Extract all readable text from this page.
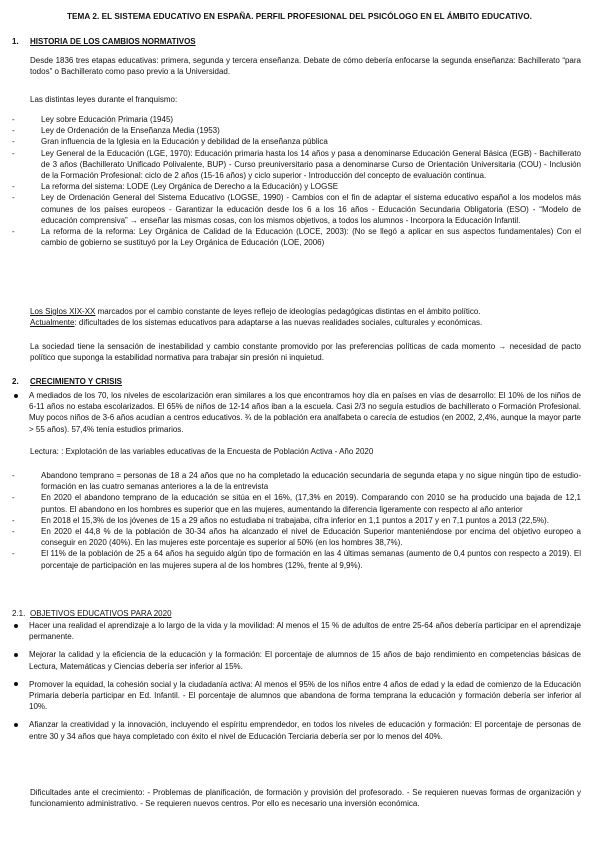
TEMA 2. EL SISTEMA EDUCATIVO EN ESPAÑA. PERFIL PROFESIONAL DEL PSICÓLOGO EN EL ÁMBITO EDUCATIVO.
1. HISTORIA DE LOS CAMBIOS NORMATIVOS
Desde 1836 tres etapas educativas: primera, segunda y tercera enseñanza. Debate de cómo debería enfocarse la segunda enseñanza: Bachillerato “para todos” o Bachillerato como paso previo a la Universidad.
Las distintas leyes durante el franquismo:
- Ley sobre Educación Primaria (1945)
- Ley de Ordenación de la Enseñanza Media (1953)
- Gran influencia de la Iglesia en la Educación y debilidad de la enseñanza pública
- Ley General de la Educación (LGE, 1970): Educación primaria hasta los 14 años y pasa a denominarse Educación General Básica (EGB) - Bachillerato de 3 años (Bachillerato Unificado Polivalente, BUP) - Curso preuniversitario pasa a denominarse Curso de Orientación Universitaria (COU) - Inclusión de la Formación Profesional: ciclo de 2 años (15-16 años) y ciclo superior - Introducción del concepto de evaluación continua.
- La reforma del sistema: LODE (Ley Orgánica de Derecho a la Educación) y LOGSE
- Ley de Ordenación General del Sistema Educativo (LOGSE, 1990) - Cambios con el fin de adaptar el sistema educativo español a los modelos más comunes de los países europeos - Garantizar la educación desde los 6 a los 16 años - Educación Secundaria Obligatoria (ESO) - “Modelo de educación comprensiva” → enseñar las mismas cosas, con los mismos objetivos, a todos los alumnos - Incorpora la Educación Infantil.
- La reforma de la reforma: Ley Orgánica de Calidad de la Educación (LOCE, 2003): (No se llegó a aplicar en sus aspectos fundamentales) Con el cambio de gobierno se sustituyó por la Ley Orgánica de Educación (LOE, 2006)
Los Siglos XIX-XX marcados por el cambio constante de leyes reflejo de ideologías pedagógicas distintas en el ámbito político.
Actualmente: dificultades de los sistemas educativos para adaptarse a las nuevas realidades sociales, culturales y económicas.
La sociedad tiene la sensación de inestabilidad y cambio constante promovido por las preferencias políticas de cada momento → necesidad de pacto político que suponga la estabilidad normativa para trabajar sin presión ni inquietud.
2. CRECIMIENTO Y CRISIS
A mediados de los 70, los niveles de escolarización eran similares a los que encontramos hoy día en países en vías de desarrollo: El 10% de los niños de 6-11 años no estaba escolarizados. El 65% de niños de 12-14 años iban a la escuela. Casi 2/3 no seguía estudios de bachillerato o Formación Profesional. Muy pocos niños de 3-6 años acudían a centros educativos. ¾ de la población era analfabeta o carecía de estudios (en 2002, 2,4%, aunque la mayor parte > 55 años). 57,4% tenía estudios primarios.
Lectura: : Explotación de las variables educativas de la Encuesta de Población Activa - Año 2020
- Abandono temprano = personas de 18 a 24 años que no ha completado la educación secundaria de segunda etapa y no sigue ningún tipo de estudio-formación en las cuatro semanas anteriores a la de la entrevista
- En 2020 el abandono temprano de la educación se sitúa en el 16%, (17,3% en 2019). Comparando con 2010 se ha producido una bajada de 12,1 puntos. El abandono en los hombres es superior que en las mujeres, aumentando la diferencia ligeramente con respecto al año anterior
- En 2018 el 15,3% de los jóvenes de 15 a 29 años no estudiaba ni trabajaba, cifra inferior en 1,1 puntos a 2017 y en 7,1 puntos a 2013 (22,5%).
- En 2020 el 44,8 % de la población de 30-34 años ha alcanzado el nivel de Educación Superior manteniéndose por encima del objetivo europeo a conseguir en 2020 (40%). En las mujeres este porcentaje es superior al 50% (en los hombres 38,7%).
- El 11% de la población de 25 a 64 años ha seguido algún tipo de formación en las 4 últimas semanas (aumento de 0,4 puntos con respecto a 2019). El porcentaje de participación en las mujeres supera al de los hombres (12%, frente al 9,9%).
2.1. OBJETIVOS EDUCATIVOS PARA 2020
Hacer una realidad el aprendizaje a lo largo de la vida y la movilidad: Al menos el 15 % de adultos de entre 25-64 años debería participar en el aprendizaje permanente.
Mejorar la calidad y la eficiencia de la educación y la formación: El porcentaje de alumnos de 15 años de bajo rendimiento en competencias básicas de Lectura, Matemáticas y Ciencias debería ser inferior al 15%.
Promover la equidad, la cohesión social y la ciudadanía activa: Al menos el 95% de los niños entre 4 años de edad y la edad de comienzo de la Educación Primaria debería participar en Ed. Infantil. - El porcentaje de alumnos que abandona de forma temprana la educación y formación debería ser inferior al 10%.
Afianzar la creatividad y la innovación, incluyendo el espíritu emprendedor, en todos los niveles de educación y formación: El porcentaje de personas de entre 30 y 34 años que haya completado con éxito el nivel de Educación Terciaria debería ser por lo menos del 40%.
Dificultades ante el crecimiento: - Problemas de planificación, de formación y provisión del profesorado. - Se requieren nuevas formas de organización y funcionamiento administrativo. - Se requieren nuevos centros. Por ello es necesario una inversión económica.
